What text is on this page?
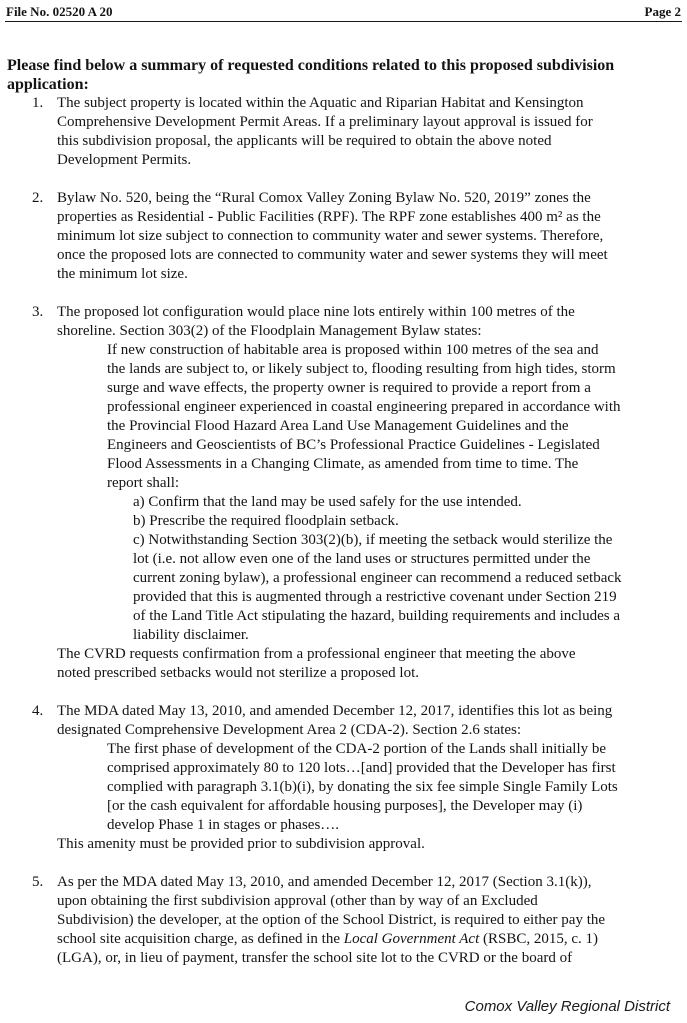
File No. 02520 A 20	Page 2
Please find below a summary of requested conditions related to this proposed subdivision
application:
1. The subject property is located within the Aquatic and Riparian Habitat and Kensington
Comprehensive Development Permit Areas. If a preliminary layout approval is issued for
this subdivision proposal, the applicants will be required to obtain the above noted
Development Permits.
2. Bylaw No. 520, being the “Rural Comox Valley Zoning Bylaw No. 520, 2019” zones the
properties as Residential - Public Facilities (RPF). The RPF zone establishes 400 m² as the
minimum lot size subject to connection to community water and sewer systems. Therefore,
once the proposed lots are connected to community water and sewer systems they will meet
the minimum lot size.
3. The proposed lot configuration would place nine lots entirely within 100 metres of the
shoreline. Section 303(2) of the Floodplain Management Bylaw states:
If new construction of habitable area is proposed within 100 metres of the sea and
the lands are subject to, or likely subject to, flooding resulting from high tides, storm
surge and wave effects, the property owner is required to provide a report from a
professional engineer experienced in coastal engineering prepared in accordance with
the Provincial Flood Hazard Area Land Use Management Guidelines and the
Engineers and Geoscientists of BC’s Professional Practice Guidelines - Legislated
Flood Assessments in a Changing Climate, as amended from time to time. The
report shall:
a) Confirm that the land may be used safely for the use intended.
b) Prescribe the required floodplain setback.
c) Notwithstanding Section 303(2)(b), if meeting the setback would sterilize the
lot (i.e. not allow even one of the land uses or structures permitted under the
current zoning bylaw), a professional engineer can recommend a reduced setback
provided that this is augmented through a restrictive covenant under Section 219
of the Land Title Act stipulating the hazard, building requirements and includes a
liability disclaimer.
The CVRD requests confirmation from a professional engineer that meeting the above
noted prescribed setbacks would not sterilize a proposed lot.
4. The MDA dated May 13, 2010, and amended December 12, 2017, identifies this lot as being
designated Comprehensive Development Area 2 (CDA-2). Section 2.6 states:
The first phase of development of the CDA-2 portion of the Lands shall initially be
comprised approximately 80 to 120 lots…[and] provided that the Developer has first
complied with paragraph 3.1(b)(i), by donating the six fee simple Single Family Lots
[or the cash equivalent for affordable housing purposes], the Developer may (i)
develop Phase 1 in stages or phases….
This amenity must be provided prior to subdivision approval.
5. As per the MDA dated May 13, 2010, and amended December 12, 2017 (Section 3.1(k)),
upon obtaining the first subdivision approval (other than by way of an Excluded
Subdivision) the developer, at the option of the School District, is required to either pay the
school site acquisition charge, as defined in the Local Government Act (RSBC, 2015, c. 1)
(LGA), or, in lieu of payment, transfer the school site lot to the CVRD or the board of
Comox Valley Regional District
